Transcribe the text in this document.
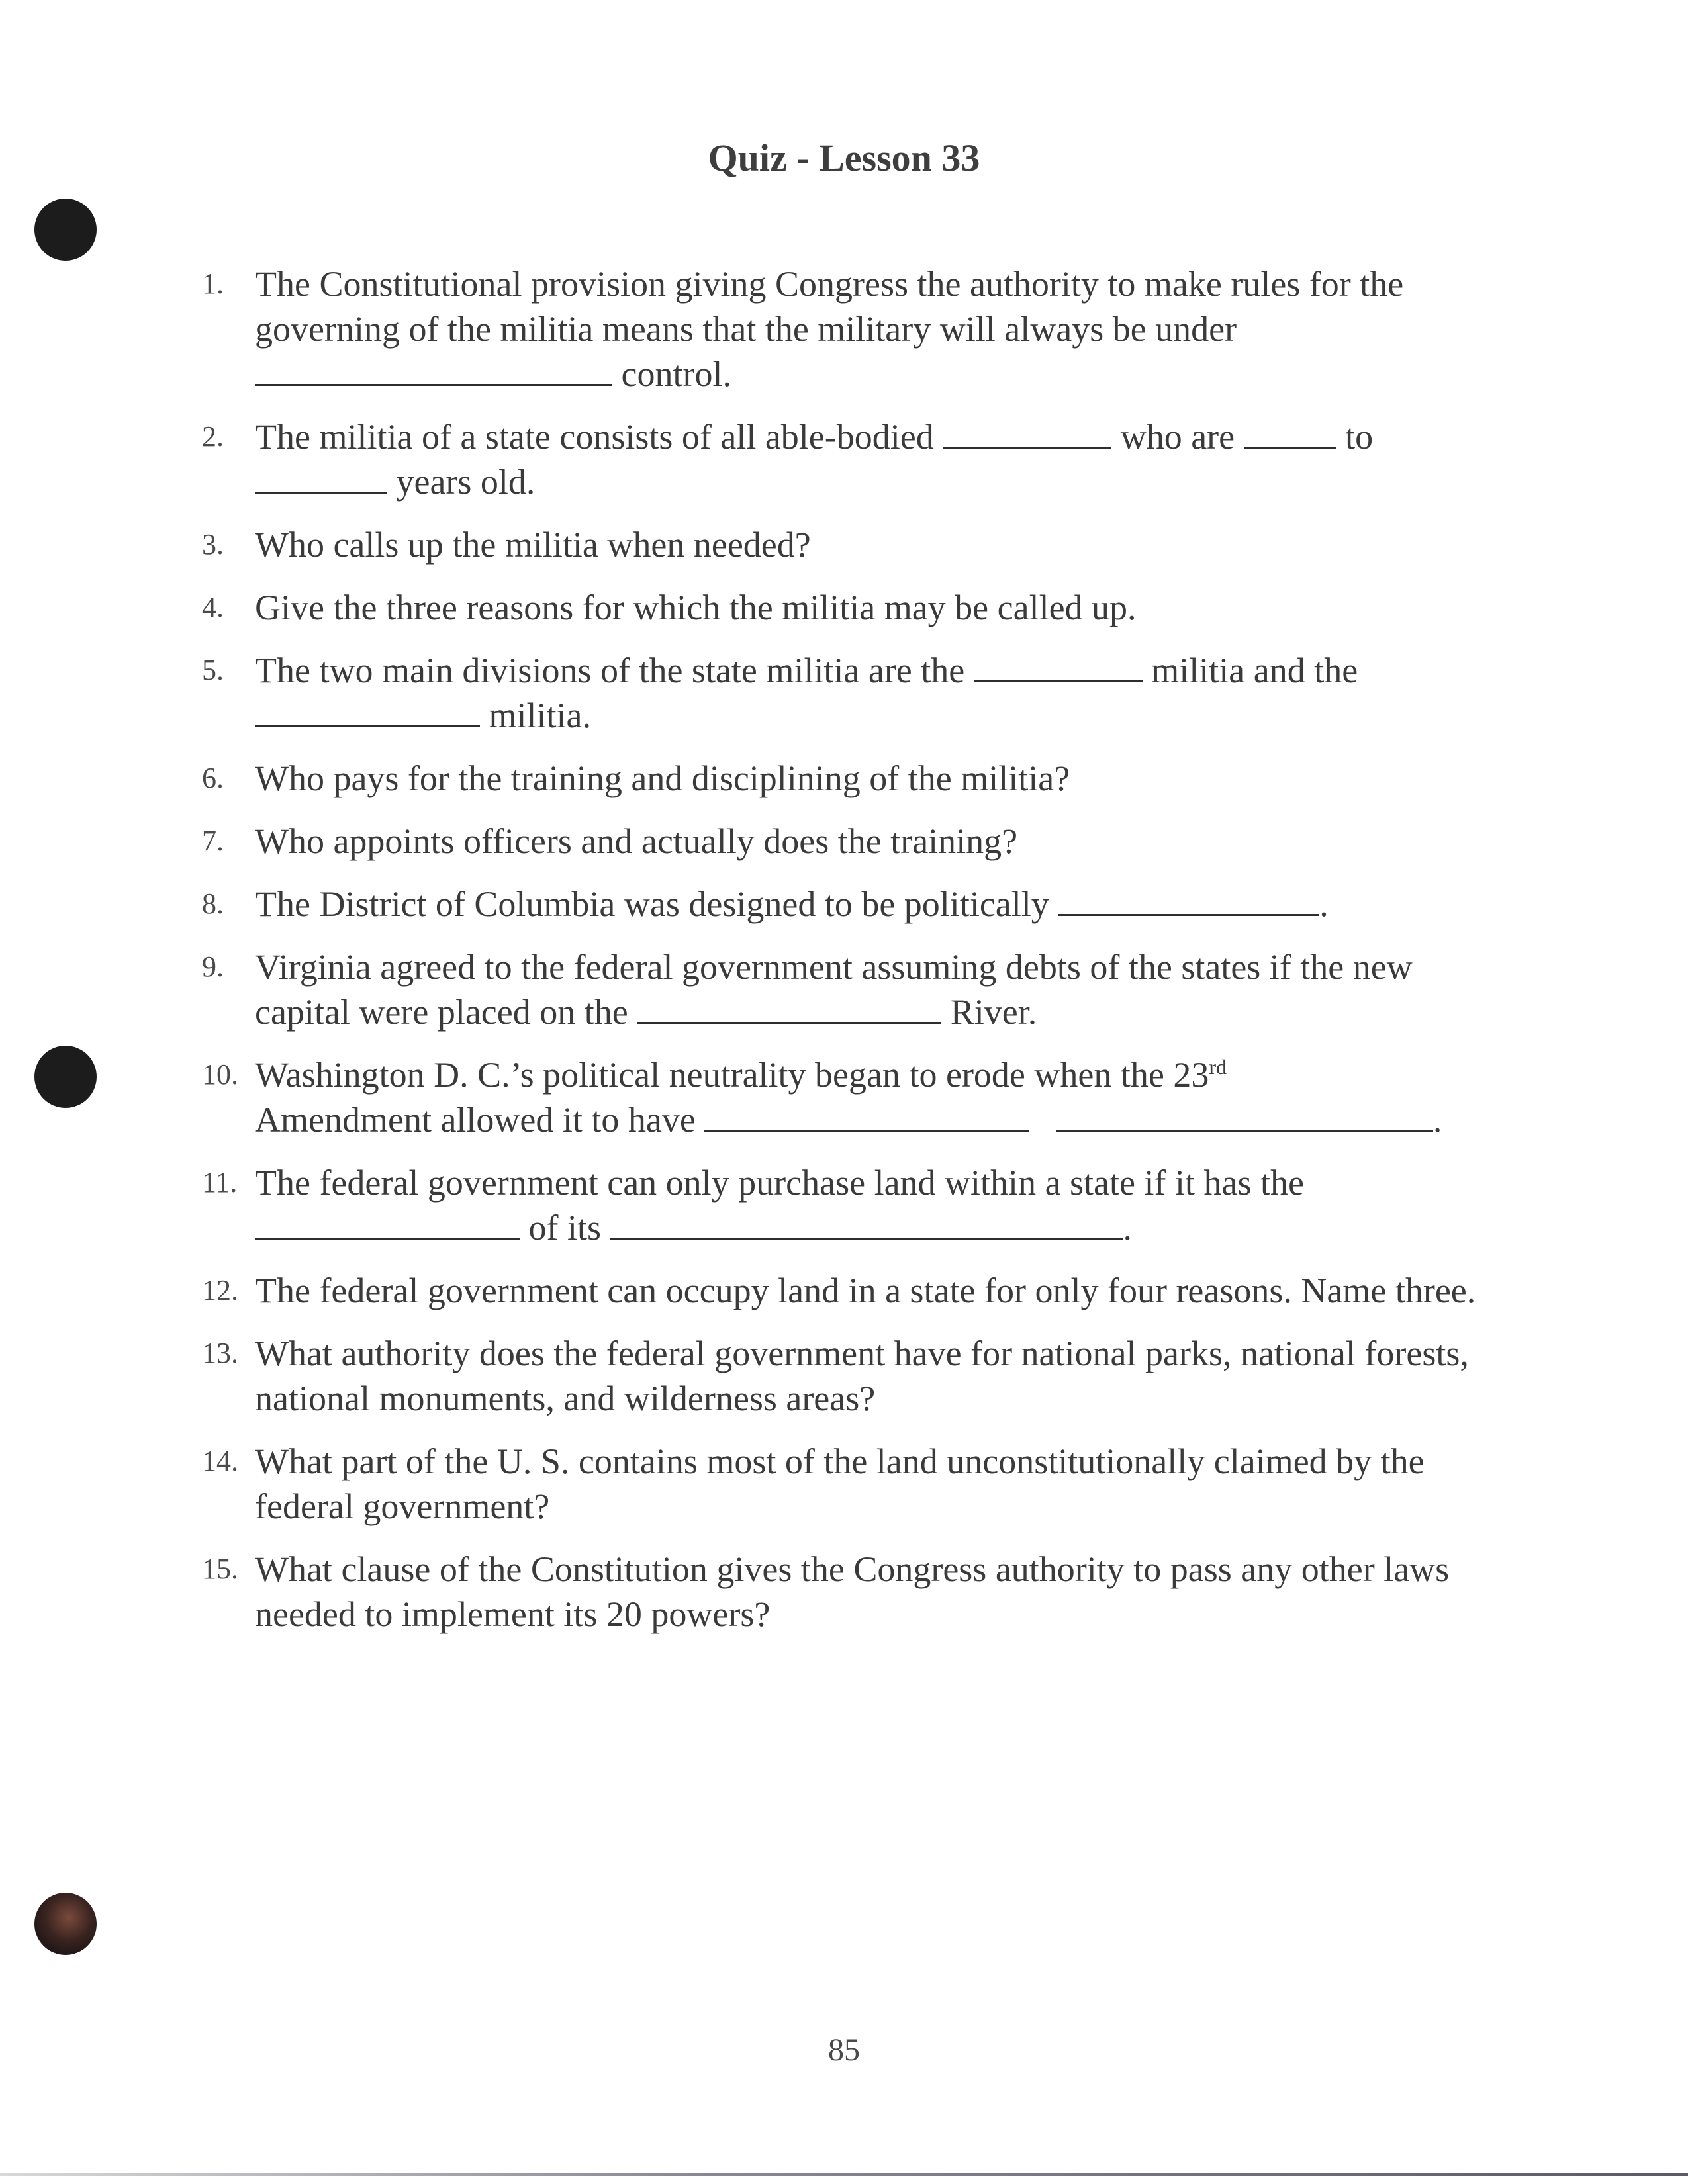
Quiz - Lesson 33
1. The Constitutional provision giving Congress the authority to make rules for the governing of the militia means that the military will always be under
control.
2. The militia of a state consists of all able-bodied	who are	to
years old.
3. Who calls up the militia when needed?
4. Give the three reasons for which the militia may be called up.
5. The two main divisions of the state militia are the	militia and the
militia.
6. Who pays for the training and disciplining of the militia?
7. Who appoints officers and actually does the training?
8. The District of Columbia was designed to be politically	.
9. Virginia agreed to the federal government assuming debts of the states if the new capital were placed on the	River.
10. Washington D. C.’s political neutrality began to erode when the 23rd
Amendment allowed it to have	.
11. The federal government can only purchase land within a state if it has the
of its	.
12. The federal government can occupy land in a state for only four reasons. Name three.
13. What authority does the federal government have for national parks, national forests, national monuments, and wilderness areas?
14. What part of the U. S. contains most of the land unconstitutionally claimed by the federal government?
15. What clause of the Constitution gives the Congress authority to pass any other laws needed to implement its 20 powers?
85
